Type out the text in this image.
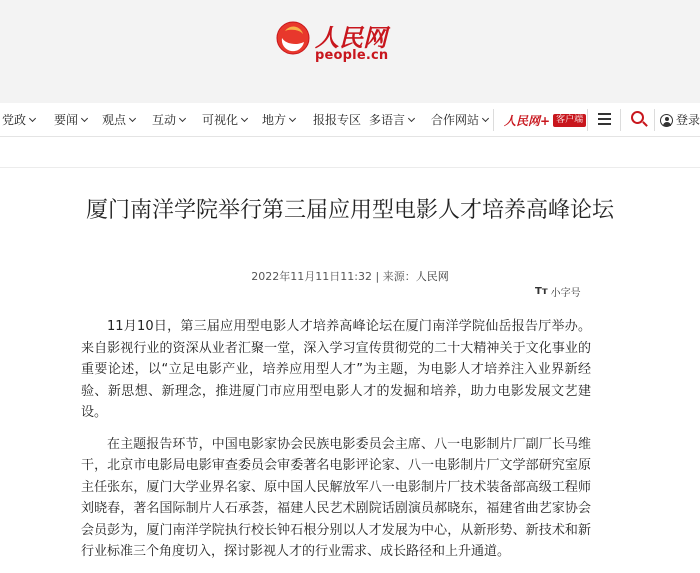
人民网
people.cn
党政	要闻	观点	互动	可视化	地方	报报专区 多语言	合作网站	人民网+ 客户端	登录
厦门南洋学院举行第三届应用型电影人才培养高峰论坛
2022年11月11日11:32 | 来源：人民网
Tт 小字号

11月10日，第三届应用型电影人才培养高峰论坛在厦门南洋学院仙岳报告厅举办。来自影视行业的资深从业者汇聚一堂，深入学习宣传贯彻党的二十大精神关于文化事业的重要论述，以“立足电影产业，培养应用型人才”为主题，为电影人才培养注入业界新经验、新思想、新理念，推进厦门市应用型电影人才的发掘和培养，助力电影发展文艺建设。

在主题报告环节，中国电影家协会民族电影委员会主席、八一电影制片厂副厂长马维干，北京市电影局电影审查委员会审委著名电影评论家、八一电影制片厂文学部研究室原主任张东，厦门大学业界名家、原中国人民解放军八一电影制片厂技术装备部高级工程师刘晓春，著名国际制片人石承荟，福建人民艺术剧院话剧演员郝晓东，福建省曲艺家协会会员彭为，厦门南洋学院执行校长钟石根分别以人才发展为中心，从新形势、新技术和新行业标准三个角度切入，探讨影视人才的行业需求、成长路径和上升通道。
